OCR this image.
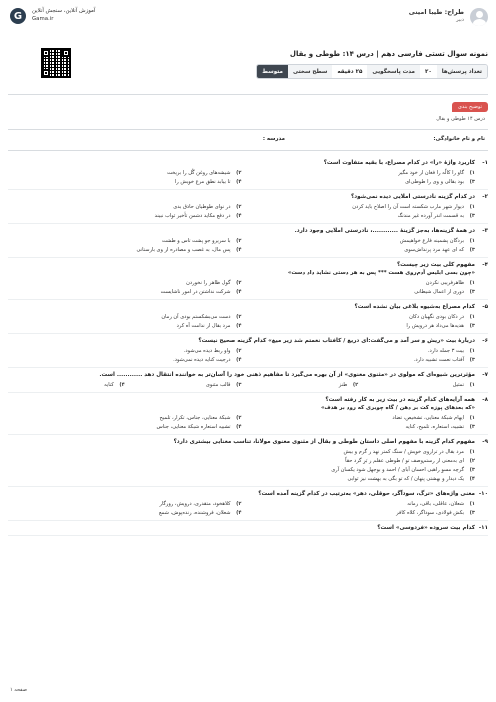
طراح: طیبا امینی
دبیر
G	آموزش آنلاین، سنجش آنلاین
Gama.ir
نمونه سوال تستی فارسی دهم | درس ۱۴: طوطی و بقال
تعداد پرسش‌ها
۲۰
مدت پاسخگویی
۲۵ دقیقه
سطح سختی
متوسط
توضیح بندی
درس ۱۴ طوطی و بقال
نام و نام خانوادگی:
مدرسه :
۱-
کاربرد واژهٔ «را» در کدام مصراع، با بقیه متفاوت است؟
۱)
گاو را کالّه را فغان از خود مگیر
۲)
شیشه‌های روغن گُل را بریخت
۳)
بود بقالی و وی را طوطی‌ای
۴)
تا بیابد نطق مرغ خویش را
۲-
در کدام گزینه نادرستی املایی دیده نمی‌شود؟
۱)
دیوار شهر مارب شکسته است آن را اصلاح باید کردن
۲)
در نوای طوطیان حاذق بدی
۳)
به قسمت اندر آورده غیر مندنگ
۴)
در دفع مکاید دشمن تأخیر ثواب نبیند
۳-
در همهٔ گزینه‌ها، به‌جز گزینهٔ ............، نادرستی املایی وجود دارد.
۱)
بردگان پشمینه فارغ خواهیمش
۲)
با سریرو جو پشت تاس و طشت
۳)
که ای عهد مرد پرنداش‌سوی
۴)
پس مال، به غصب و مصادره از وی بازستانی
۴-
مفهوم کلی بیت زیر چیست؟
«چون بسی ابلیس آدم‌روی هست *** پس به هر دستی نشاید داد دست»
۱)
ظاهرفریبی نکردن
۲)
گول ظاهر را نخوردن
۳)
دوری از اعمال شیطانی
۴)
شرکت نداشتن در امور ناشایست
۵-
کدام مصراع به‌شیوه بلاغی بیان نشده است؟
۱)
در دکان بودی نگهبان دکان
۲)
دست می‌بشکستم بودی آن زمان
۳)
هدیه‌ها می‌داد هر درویش را
۴)
مرد بقال از ندامت آه کرد
۶-
دربارهٔ بیت «ریش و سر آمد و می‌گفت:ای دریغ / کافتاب نعمتم شد زیر میغ» کدام گزینه صحیح نیست؟
۱)
بیت ۳ جمله دارد.
۲)
واو ربط دیده می‌شود.
۳)
آفتاب نعمت تشبیه دارد.
۴)
درجیت کنایه دیده نمی‌شود.
۷-
مؤثرترین شیوه‌ای که مولوی در «مثنوی معنوی» از آن بهره می‌گیرد تا مفاهیم ذهنی خود را آسان‌تر به خواننده انتقال دهد ............ است.
۱)
تمثیل
۲)
طنز
۳)
قالب مثنوی
۴)
کنایه
۸-
همه آرایه‌های کدام گزینه در بیت زیر به کار رفته است؟
«که بعدهای پوزه کت بر دهن / گاه چوبری که رود بر هدف»
۱)
ایهام شبکهٔ معنایی، تشخیص، تضاد
۲)
شبکهٔ معنایی، جناس، تکرار، تلمیح
۳)
تشبیه، استعاره، تلمیح، کنایه
۴)
تشبیه استعاره شبکهٔ معنایی، جناس
۹-
مفهوم کدام گزینه با مفهوم اصلی داستان طوطی و بقال از مثنوی معنوی مولانا، تناسب معنایی بیشتری دارد؟
۱)
مرد بقال در ترازوی خویش / سنگ کمتر نهد ز گرم و بیش
۲)
ای به‌معنی از رستم‌وصف تو / طوطی عقلم ز بَرِ گرد حقاً
۳)
گرچه مسوِ راهبی احسان آبای / احمد و بوجهل شود یکسان آری
۴)
یک دیدار و بهشتی پنهان / که تو بگی به بهشت نیز ثوابی
۱۰-
معنی واژه‌های «ترگ، سودآگر، حوقلی، دهر» به‌ترتیب در کدام گزینه آمده است؟
۱)
شعلان، عاقلی، باقی، زمانه
۲)
کلاهخود، متقدری، درویش، روزگار
۳)
بکش فولادی، سوداگر، کلاه کافر
۴)
شعلان، فروشنده، زنده‌پوش، شمع
۱۱-
کدام بیت سروده «فردوسی» است؟
صفحه ۱
